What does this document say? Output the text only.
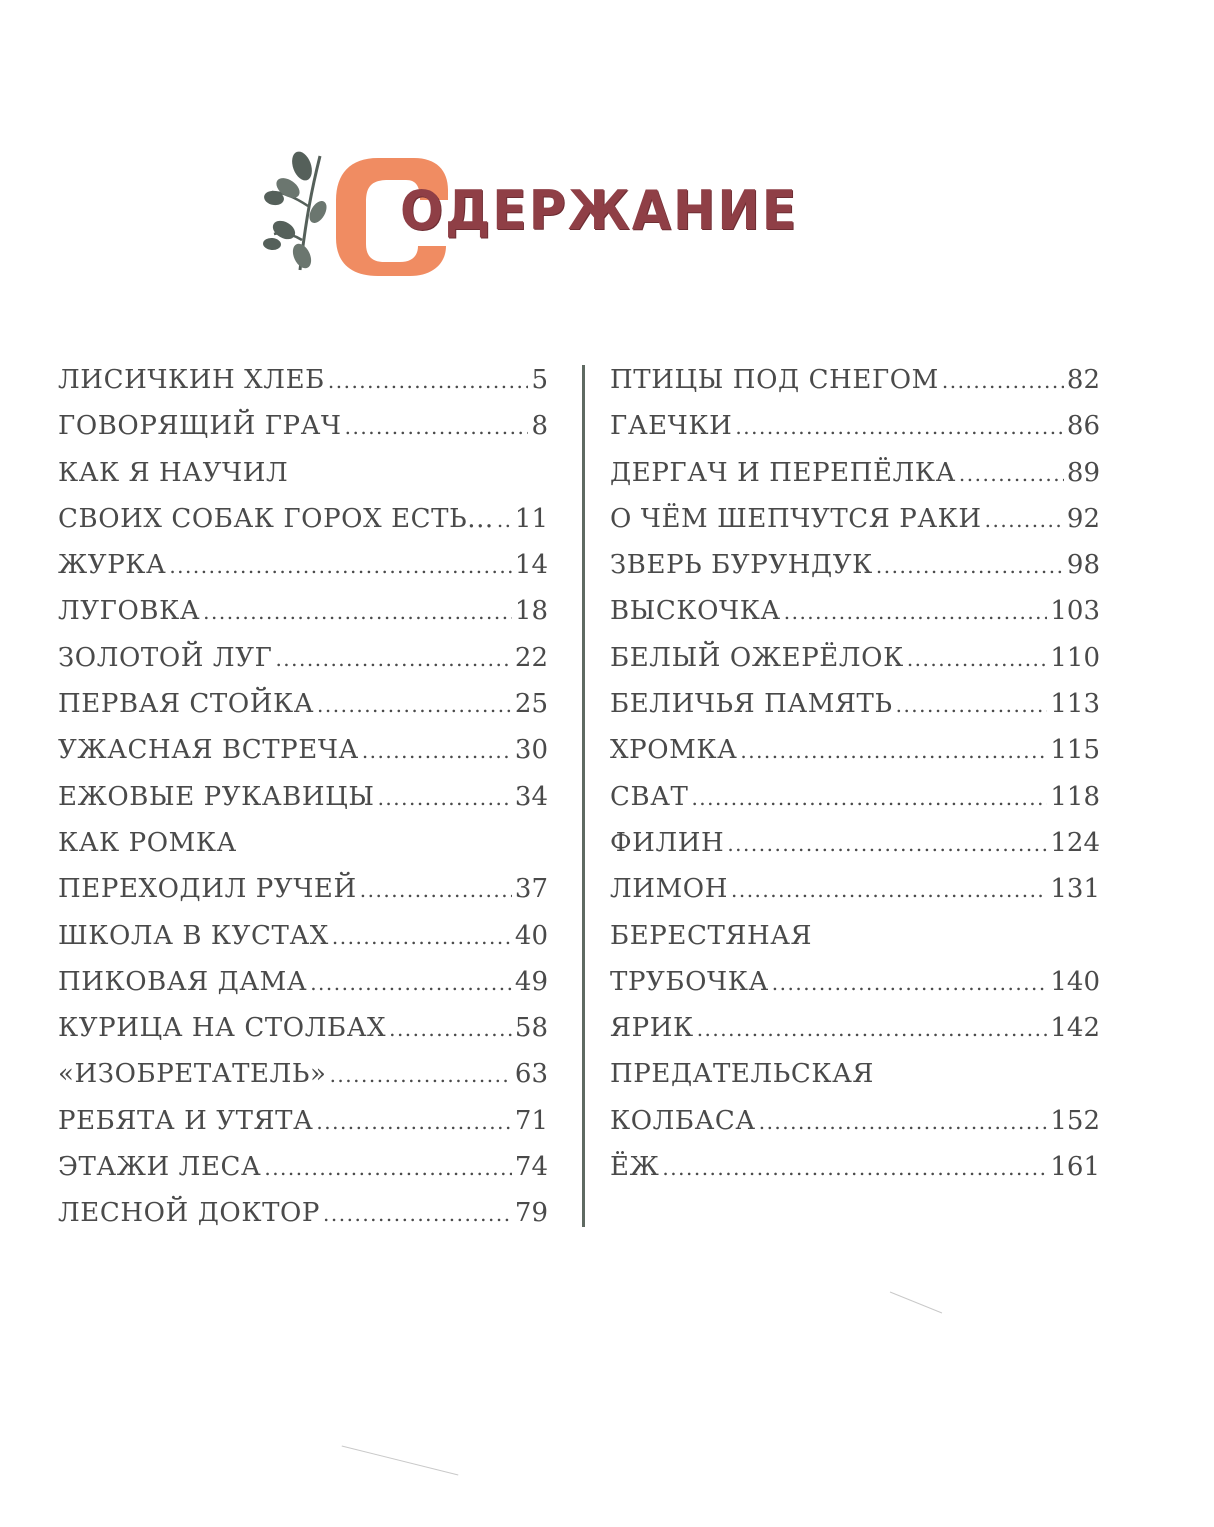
ОДЕРЖАНИЕ
ЛИСИЧКИН ХЛЕБ .....	5
ГОВОРЯЩИЙ ГРАЧ .....	8
КАК Я НАУЧИЛ
СВОИХ СОБАК ГОРОХ ЕСТЬ... ..... 11
ЖУРКА .....	14
ЛУГОВКА .....	18
ЗОЛОТОЙ ЛУГ .....	22
ПЕРВАЯ СТОЙКА .....	25
УЖАСНАЯ ВСТРЕЧА .....	30
ЕЖОВЫЕ РУКАВИЦЫ .....	34
КАК РОМКА
ПЕРЕХОДИЛ РУЧЕЙ .....	37
ШКОЛА В КУСТАХ .....	40
ПИКОВАЯ ДАМА .....	49
КУРИЦА НА СТОЛБАХ .....	58
«ИЗОБРЕТАТЕЛЬ» .....	63
РЕБЯТА И УТЯТА .....	71
ЭТАЖИ ЛЕСА .....	74
ЛЕСНОЙ ДОКТОР .....	79
ПТИЦЫ ПОД СНЕГОМ .....	82
ГАЕЧКИ .....	86
ДЕРГАЧ И ПЕРЕПЁЛКА .....	89
О ЧЁМ ШЕПЧУТСЯ РАКИ .....	92
ЗВЕРЬ БУРУНДУК .....	98
ВЫСКОЧКА .....	103
БЕЛЫЙ ОЖЕРЁЛОК .....	110
БЕЛИЧЬЯ ПАМЯТЬ .....	113
ХРОМКА .....	115
СВАТ .....	118
ФИЛИН .....	124
ЛИМОН .....	131
БЕРЕСТЯНАЯ
ТРУБОЧКА .....	140
ЯРИК .....	142
ПРЕДАТЕЛЬСКАЯ
КОЛБАСА .....	152
ЁЖ .....	161
